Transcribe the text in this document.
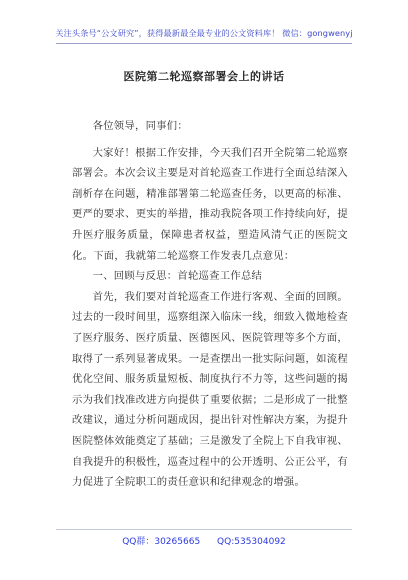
关注头条号“公文研究”，获得最新最全最专业的公文资料库！ 微信：gongwenyj
医院第二轮巡察部署会上的讲话

各位领导，同事们：

大家好！根据工作安排，今天我们召开全院第二轮巡察部署会。本次会议主要是对首轮巡查工作进行全面总结深入剖析存在问题，精准部署第二轮巡查任务，以更高的标准、更严的要求、更实的举措，推动我院各项工作持续向好，提升医疗服务质量，保障患者权益，塑造风清气正的医院文化。下面，我就第二轮巡察工作发表几点意见：

一、回顾与反思：首轮巡查工作总结

首先，我们要对首轮巡查工作进行客观、全面的回顾。过去的一段时间里，巡察组深入临床一线，细致入微地检查了医疗服务、医疗质量、医德医风、医院管理等多个方面，取得了一系列显著成果。一是查摆出一批实际问题，如流程优化空间、服务质量短板、制度执行不力等，这些问题的揭示为我们找准改进方向提供了重要依据；二是形成了一批整改建议，通过分析问题成因，提出针对性解决方案，为提升医院整体效能奠定了基础；三是激发了全院上下自我审视、自我提升的积极性，巡查过程中的公开透明、公正公平，有力促进了全院职工的责任意识和纪律观念的增强。

QQ群：30265665 QQ:535304092
